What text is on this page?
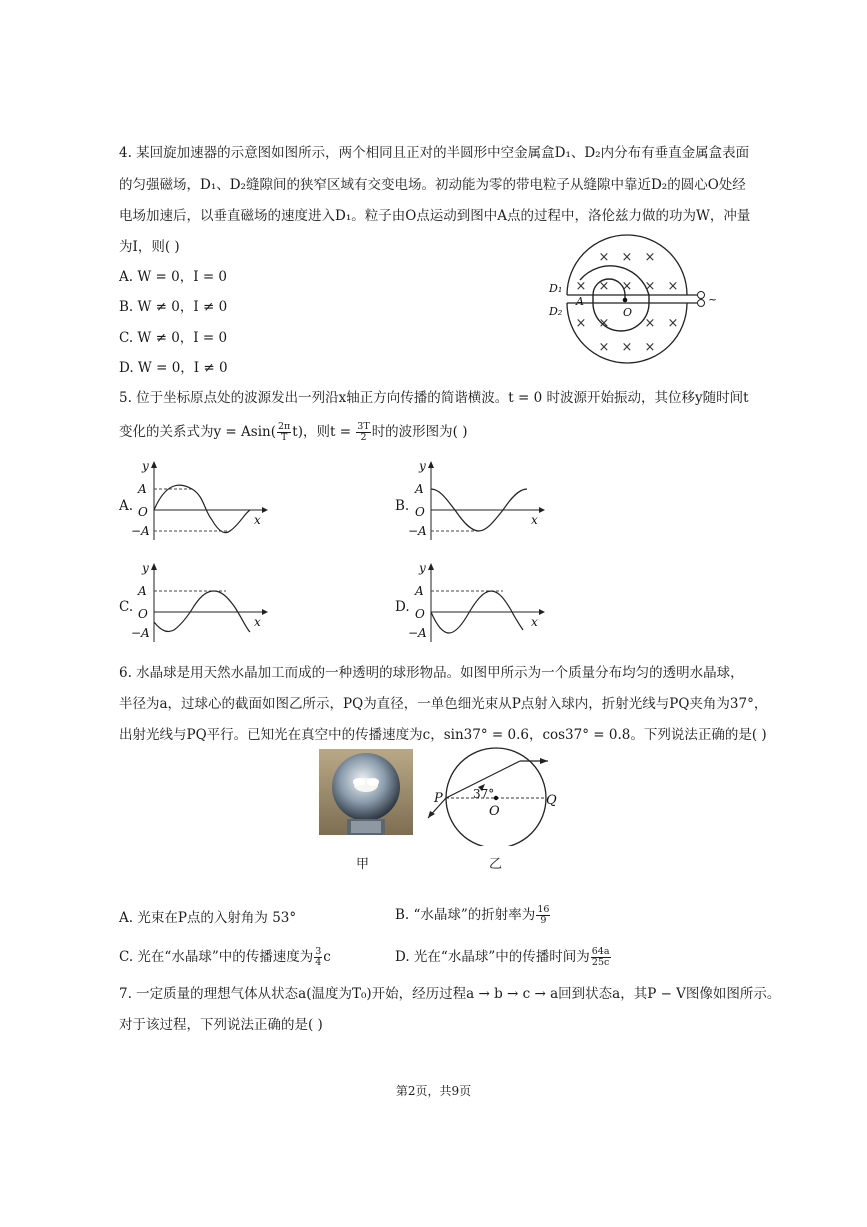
4. 某回旋加速器的示意图如图所示，两个相同且正对的半圆形中空金属盒D₁、D₂内分布有垂直金属盒表面
的匀强磁场，D₁、D₂缝隙间的狭窄区域有交变电场。初动能为零的带电粒子从缝隙中靠近D₂的圆心O处经
电场加速后，以垂直磁场的速度进入D₁。粒子由O点运动到图中A点的过程中，洛伦兹力做的功为W，冲量
为I，则( )
A. W = 0，I = 0
B. W ≠ 0，I ≠ 0
C. W ≠ 0，I = 0
D. W = 0，I ≠ 0
× × ×
× × × × ×
× ×	× ×
× × ×
D₁
D₂
A
O
~
5. 位于坐标原点处的波源发出一列沿x轴正方向传播的简谐横波。t = 0 时波源开始振动，其位移y随时间t
变化的关系式为$y = Asin( \frac{2\pi}{T} t)$，则$t = \frac{3T}{2}$ 时的波形图为( )
A.	B.
C.	D.
y
x
A
O
−A
y
x
A
O
−A
y
x
A
O
−A
y
x
A
O
−A
6. 水晶球是用天然水晶加工而成的一种透明的球形物品。如图甲所示为一个质量分布均匀的透明水晶球，
半径为a，过球心的截面如图乙所示，PQ为直径，一单色细光束从P点射入球内，折射光线与PQ夹角为37°，
出射光线与PQ平行。已知光在真空中的传播速度为c，sin37° = 0.6，cos37° = 0.8。下列说法正确的是( )
甲
P	Q
O
37°
乙
A. 光束在P点的入射角为 53°	B. “水晶球”的折射率为 $\frac{16}{9}$
C. 光在“水晶球”中的传播速度为 $\frac{3}{4}$ c	D. 光在“水晶球”中的传播时间为 $\frac{64a}{25c}$
7. 一定质量的理想气体从状态a(温度为T₀)开始，经历过程a → b → c → a回到状态a，其P − V图像如图所示。
对于该过程，下列说法正确的是( )
第2页，共9页
